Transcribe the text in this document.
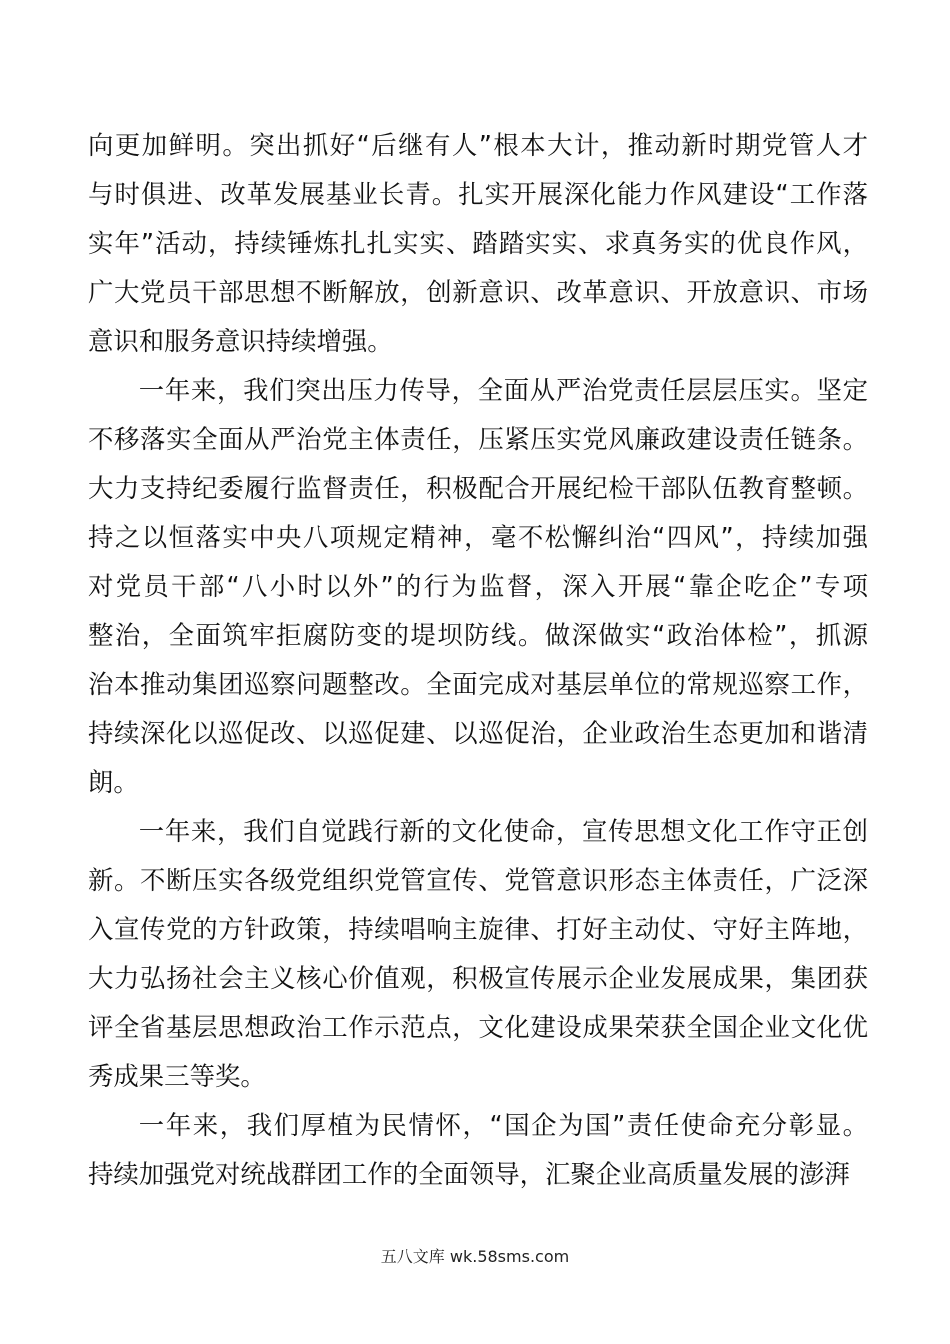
向更加鲜明。突出抓好“后继有人”根本大计，推动新时期党管人才
与时俱进、改革发展基业长青。扎实开展深化能力作风建设“工作落
实年”活动，持续锤炼扎扎实实、踏踏实实、求真务实的优良作风，
广大党员干部思想不断解放，创新意识、改革意识、开放意识、市场
意识和服务意识持续增强。

一年来，我们突出压力传导，全面从严治党责任层层压实。坚定
不移落实全面从严治党主体责任，压紧压实党风廉政建设责任链条。
大力支持纪委履行监督责任，积极配合开展纪检干部队伍教育整顿。
持之以恒落实中央八项规定精神，毫不松懈纠治“四风”，持续加强
对党员干部“八小时以外”的行为监督，深入开展“靠企吃企”专项
整治，全面筑牢拒腐防变的堤坝防线。做深做实“政治体检”，抓源
治本推动集团巡察问题整改。全面完成对基层单位的常规巡察工作，
持续深化以巡促改、以巡促建、以巡促治，企业政治生态更加和谐清
朗。

一年来，我们自觉践行新的文化使命，宣传思想文化工作守正创
新。不断压实各级党组织党管宣传、党管意识形态主体责任，广泛深
入宣传党的方针政策，持续唱响主旋律、打好主动仗、守好主阵地，
大力弘扬社会主义核心价值观，积极宣传展示企业发展成果，集团获
评全省基层思想政治工作示范点，文化建设成果荣获全国企业文化优
秀成果三等奖。

一年来，我们厚植为民情怀，“国企为国”责任使命充分彰显。
持续加强党对统战群团工作的全面领导，汇聚企业高质量发展的澎湃

五八文库 wk.58sms.com
